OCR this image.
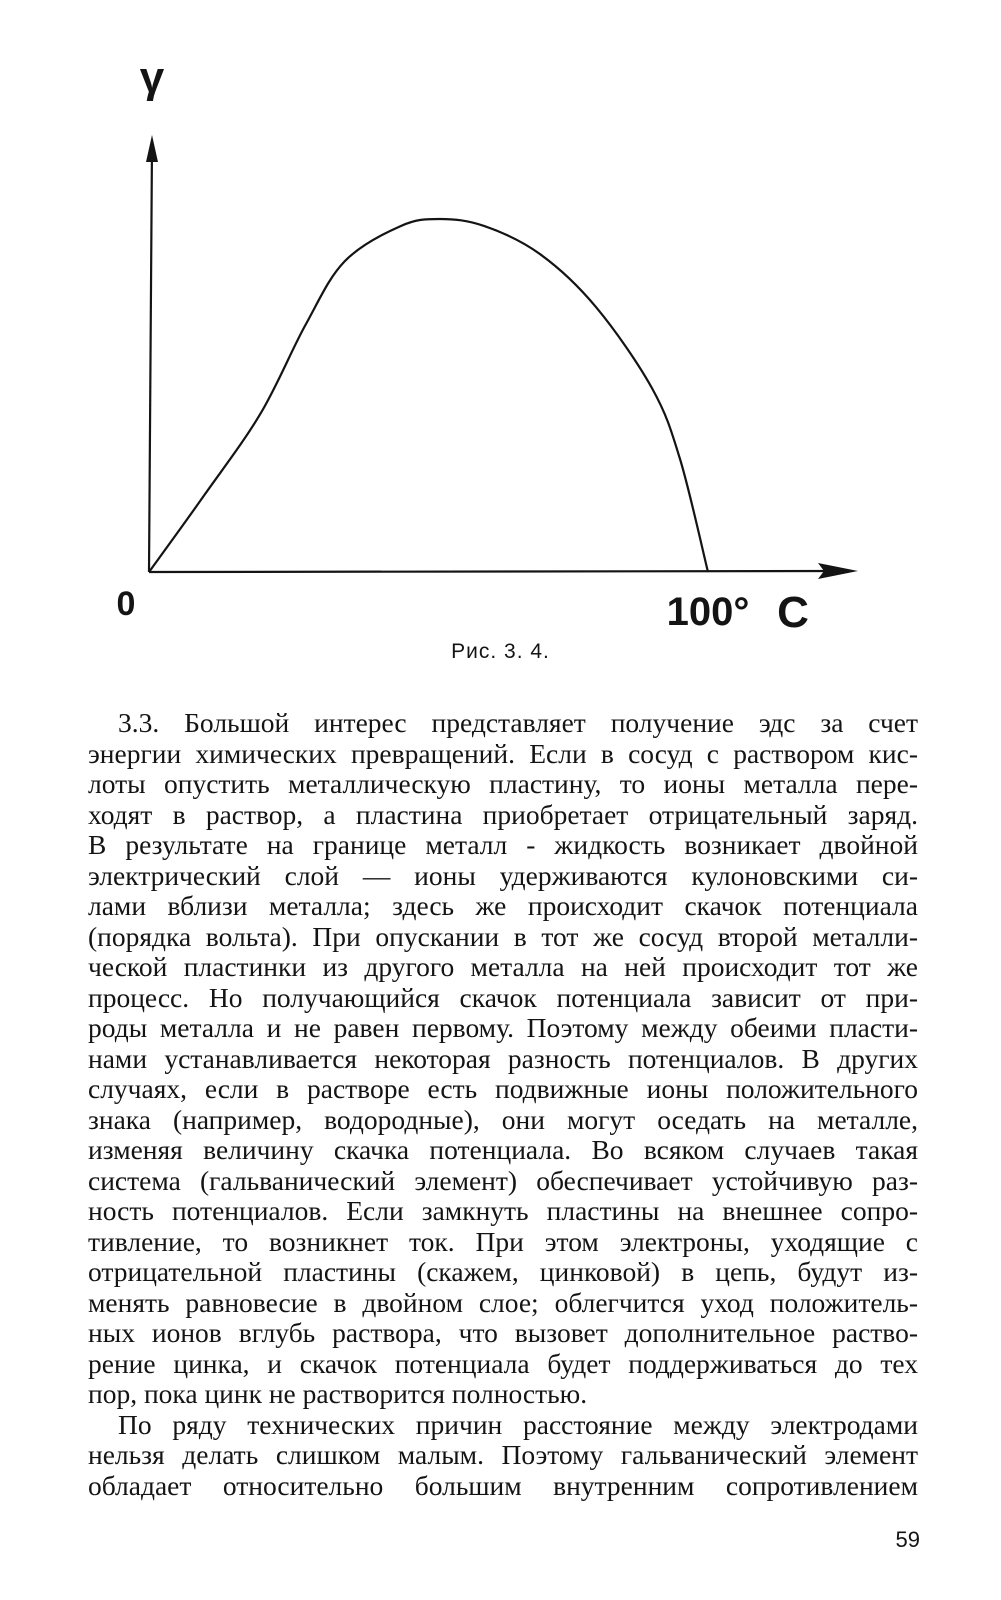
γ
0	100° C
Рис. 3. 4.
3.3. Большой интерес представляет получение эдс за счет
энергии химических превращений. Если в сосуд с раствором кис-
лоты опустить металлическую пластину, то ионы металла пере-
ходят в раствор, а пластина приобретает отрицательный заряд.
В результате на границе металл - жидкость возникает двойной
электрический слой — ионы удерживаются кулоновскими си-
лами вблизи металла; здесь же происходит скачок потенциала
(порядка вольта). При опускании в тот же сосуд второй металли-
ческой пластинки из другого металла на ней происходит тот же
процесс. Но получающийся скачок потенциала зависит от при-
роды металла и не равен первому. Поэтому между обеими пласти-
нами устанавливается некоторая разность потенциалов. В других
случаях, если в растворе есть подвижные ионы положительного
знака (например, водородные), они могут оседать на металле,
изменяя величину скачка потенциала. Во всяком случаев такая
система (гальванический элемент) обеспечивает устойчивую раз-
ность потенциалов. Если замкнуть пластины на внешнее сопро-
тивление, то возникнет ток. При этом электроны, уходящие с
отрицательной пластины (скажем, цинковой) в цепь, будут из-
менять равновесие в двойном слое; облегчится уход положитель-
ных ионов вглубь раствора, что вызовет дополнительное раство-
рение цинка, и скачок потенциала будет поддерживаться до тех
пор, пока цинк не растворится полностью.
По ряду технических причин расстояние между электродами
нельзя делать слишком малым. Поэтому гальванический элемент
обладает относительно большим внутренним сопротивлением
59
